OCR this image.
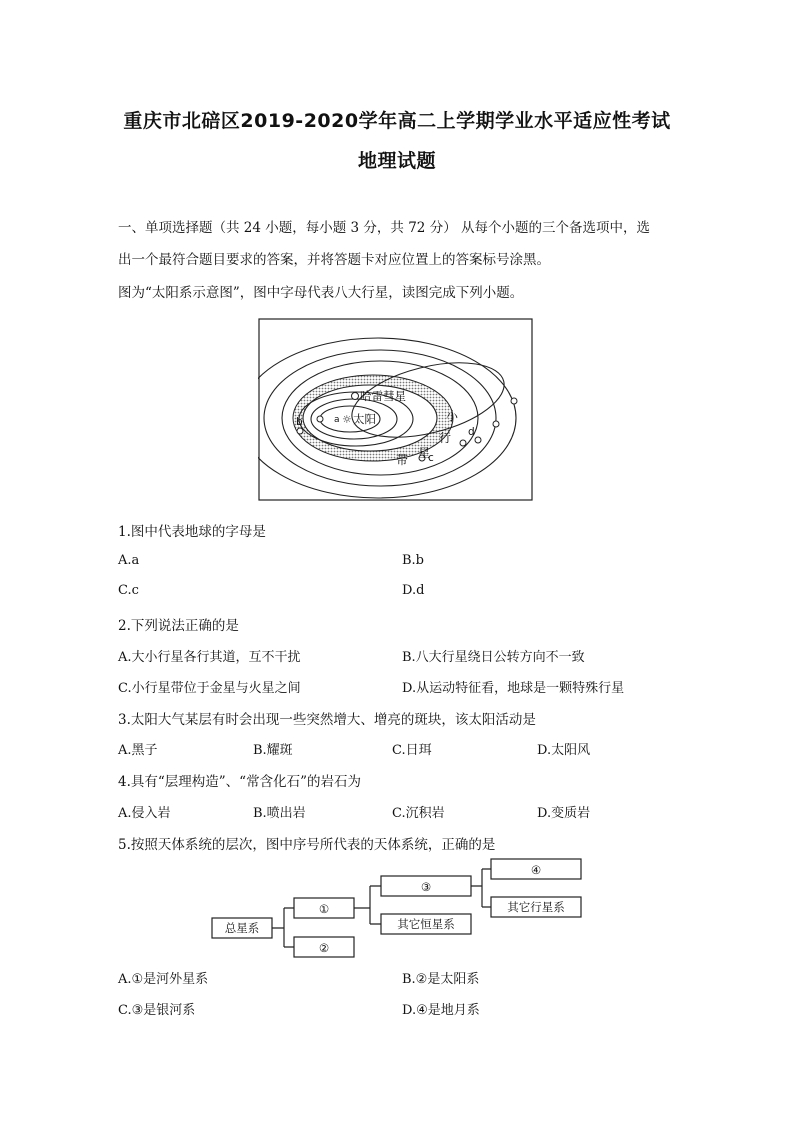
重庆市北碚区2019-2020学年高二上学期学业水平适应性考试
地理试题
一、单项选择题（共 24 小题，每小题 3 分，共 72 分） 从每个小题的三个备选项中，选
出一个最符合题目要求的答案，并将答题卡对应位置上的答案标号涂黑。
图为“太阳系示意图”，图中字母代表八大行星，读图完成下列小题。
☼
哈雷彗星
太阳
a
b
c
d
小
行
星
带
1.图中代表地球的字母是
A.a	B.b
C.c	D.d
2.下列说法正确的是
A.大小行星各行其道，互不干扰	B.八大行星绕日公转方向不一致
C.小行星带位于金星与火星之间	D.从运动特征看，地球是一颗特殊行星
3.太阳大气某层有时会出现一些突然增大、增亮的斑块，该太阳活动是
A.黑子	B.耀斑	C.日珥	D.太阳风
4.具有“层理构造”、“常含化石”的岩石为
A.侵入岩	B.喷出岩	C.沉积岩	D.变质岩
5.按照天体系统的层次，图中序号所代表的天体系统，正确的是
总星系
①
②
③
其它恒星系
④
其它行星系
A.①是河外星系	B.②是太阳系
C.③是银河系	D.④是地月系
